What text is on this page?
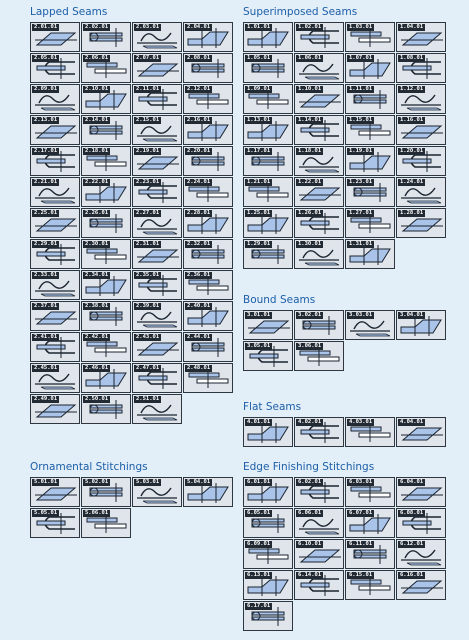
Lapped Seams
2.01.01	2.02.01	2.03.01	2.04.01
2.05.01	2.06.01	2.07.01	2.08.01
2.09.01	2.10.01	2.11.01	2.12.01
2.13.01	2.14.01	2.15.01	2.16.01
2.17.01	2.18.01	2.19.01	2.20.01
2.21.01	2.22.01	2.23.01	2.24.01
2.25.01	2.26.01	2.27.01	2.28.01
2.29.01	2.30.01	2.31.01	2.32.01
2.33.01	2.34.01	2.35.01	2.36.01
2.37.01	2.38.01	2.39.01	2.40.01
2.41.01	2.42.01	2.43.01	2.44.01
2.45.01	2.46.01	2.47.01	2.48.01
2.49.01	2.50.01	2.51.01
Superimposed Seams
1.01.01	1.02.01	1.03.01	1.04.01
1.05.01	1.06.01	1.07.01	1.08.01
1.09.01	1.10.01	1.11.01	1.12.01
1.13.01	1.14.01	1.15.01	1.16.01
1.17.01	1.18.01	1.19.01	1.20.01
1.21.01	1.22.01	1.23.01	1.24.01
1.25.01	1.26.01	1.27.01	1.28.01
1.29.01	1.30.01	1.31.01
Bound Seams
3.01.01	3.02.01	3.03.01	3.04.01
3.05.01	3.06.01
Flat Seams
4.01.01	4.02.01	4.03.01	4.04.01
Ornamental Stitchings
5.01.01	5.02.01	5.03.01	5.04.01
5.05.01	5.06.01
Edge Finishing Stitchings
6.01.01	6.02.01	6.03.01	6.04.01
6.05.01	6.06.01	6.07.01	6.08.01
6.09.01	6.10.01	6.11.01	6.12.01
6.13.01	6.14.01	6.15.01	6.16.01
6.17.01
